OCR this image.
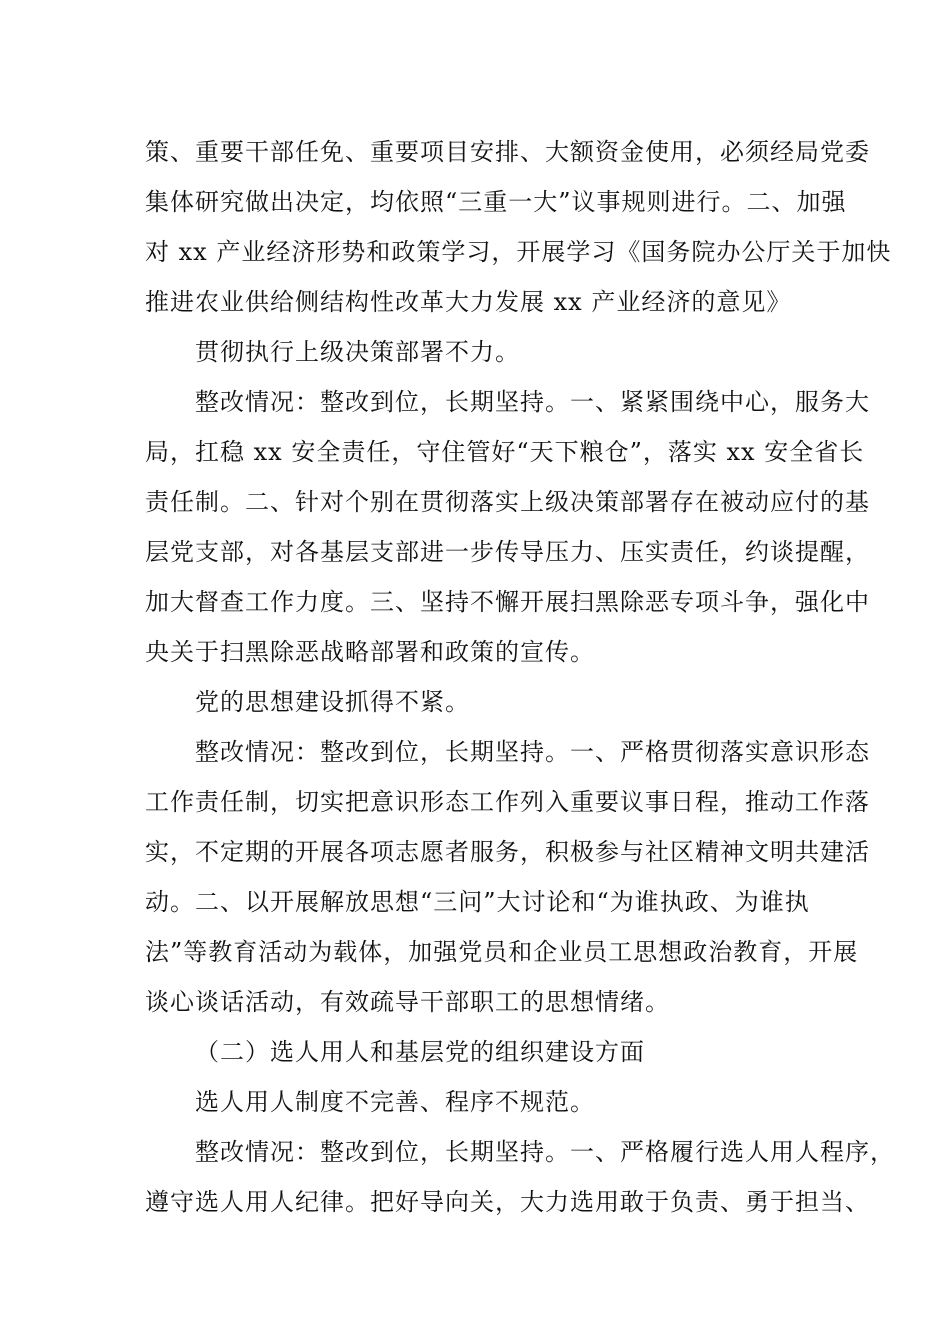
策、重要干部任免、重要项目安排、大额资金使用，必须经局党委
集体研究做出决定，均依照“三重一大”议事规则进行。二、加强
对 xx 产业经济形势和政策学习，开展学习《国务院办公厅关于加快
推进农业供给侧结构性改革大力发展 xx 产业经济的意见》
贯彻执行上级决策部署不力。
整改情况：整改到位，长期坚持。一、紧紧围绕中心，服务大
局，扛稳 xx 安全责任，守住管好“天下粮仓”，落实 xx 安全省长
责任制。二、针对个别在贯彻落实上级决策部署存在被动应付的基
层党支部，对各基层支部进一步传导压力、压实责任，约谈提醒，
加大督查工作力度。三、坚持不懈开展扫黑除恶专项斗争，强化中
央关于扫黑除恶战略部署和政策的宣传。
党的思想建设抓得不紧。
整改情况：整改到位，长期坚持。一、严格贯彻落实意识形态
工作责任制，切实把意识形态工作列入重要议事日程，推动工作落
实，不定期的开展各项志愿者服务，积极参与社区精神文明共建活
动。二、以开展解放思想“三问”大讨论和“为谁执政、为谁执
法”等教育活动为载体，加强党员和企业员工思想政治教育，开展
谈心谈话活动，有效疏导干部职工的思想情绪。
（二）选人用人和基层党的组织建设方面
选人用人制度不完善、程序不规范。
整改情况：整改到位，长期坚持。一、严格履行选人用人程序，
遵守选人用人纪律。把好导向关，大力选用敢于负责、勇于担当、
